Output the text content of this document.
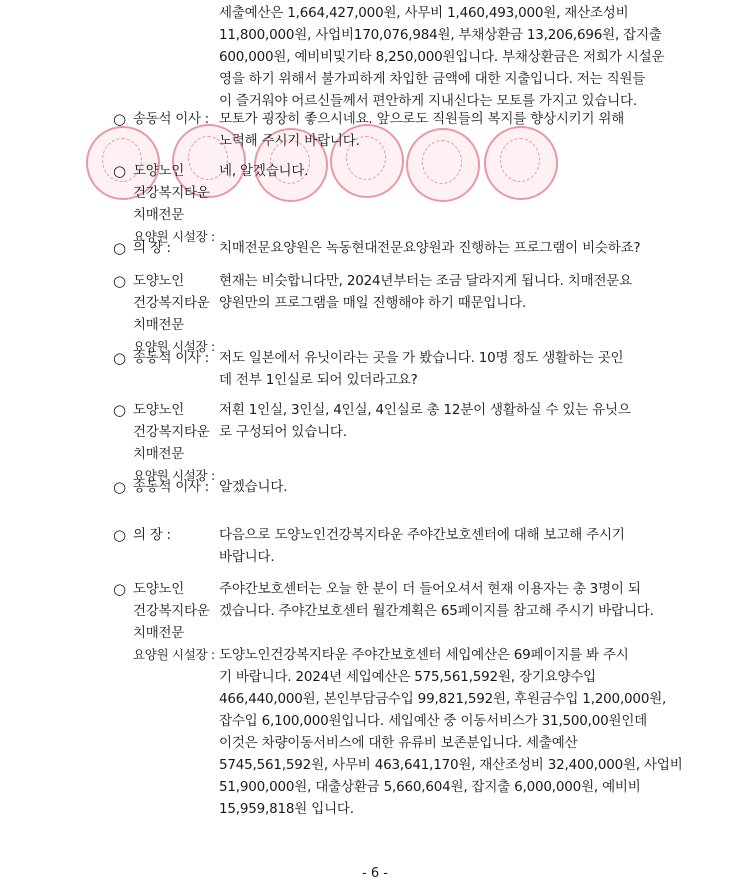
세출예산은 1,664,427,000원, 사무비 1,460,493,000원, 재산조성비
11,800,000원, 사업비170,076,984원, 부채상환금 13,206,696원, 잡지출
600,000원, 예비비및기타 8,250,000원입니다. 부채상환금은 저희가 시설운
영을 하기 위해서 불가피하게 차입한 금액에 대한 지출입니다. 저는 직원들
이 즐거워야 어르신들께서 편안하게 지내신다는 모토를 가지고 있습니다.
○ 송동석 이사 : 모토가 굉장히 좋으시네요. 앞으로도 직원들의 복지를 향상시키기 위해
노력해 주시기 바랍니다.
○ 도양노인
건강복지타운
치매전문
요양원 시설장 :
네, 알겠습니다.
○ 의 장 :	치매전문요양원은 녹동현대전문요양원과 진행하는 프로그램이 비슷하죠?
○ 도양노인
건강복지타운
치매전문
요양원 시설장 :
현재는 비슷합니다만, 2024년부터는 조금 달라지게 됩니다. 치매전문요
양원만의 프로그램을 매일 진행해야 하기 때문입니다.
○ 송동석 이사 : 저도 일본에서 유닛이라는 곳을 가 봤습니다. 10명 정도 생활하는 곳인
데 전부 1인실로 되어 있더라고요?
○ 도양노인
건강복지타운
치매전문
요양원 시설장 :
저흰 1인실, 3인실, 4인실, 4인실로 총 12분이 생활하실 수 있는 유닛으
로 구성되어 있습니다.
○ 송동석 이사 : 알겠습니다.
○ 의 장 :	다음으로 도양노인건강복지타운 주야간보호센터에 대해 보고해 주시기
바랍니다.
○ 도양노인
건강복지타운
치매전문
요양원 시설장 :
주야간보호센터는 오늘 한 분이 더 들어오셔서 현재 이용자는 총 3명이 되
겠습니다. 주야간보호센터 월간계획은 65페이지를 참고해 주시기 바랍니다.
도양노인건강복지타운 주야간보호센터 세입예산은 69페이지를 봐 주시
기 바랍니다. 2024년 세입예산은 575,561,592원, 장기요양수입
466,440,000원, 본인부담금수입 99,821,592원, 후원금수입 1,200,000원,
잡수입 6,100,000원입니다. 세입예산 중 이동서비스가 31,500,00원인데
이것은 차량이동서비스에 대한 유류비 보존분입니다. 세출예산
5745,561,592원, 사무비 463,641,170원, 재산조성비 32,400,000원, 사업비
51,900,000원, 대출상환금 5,660,604원, 잡지출 6,000,000원, 예비비
15,959,818원 입니다.
- 6 -
